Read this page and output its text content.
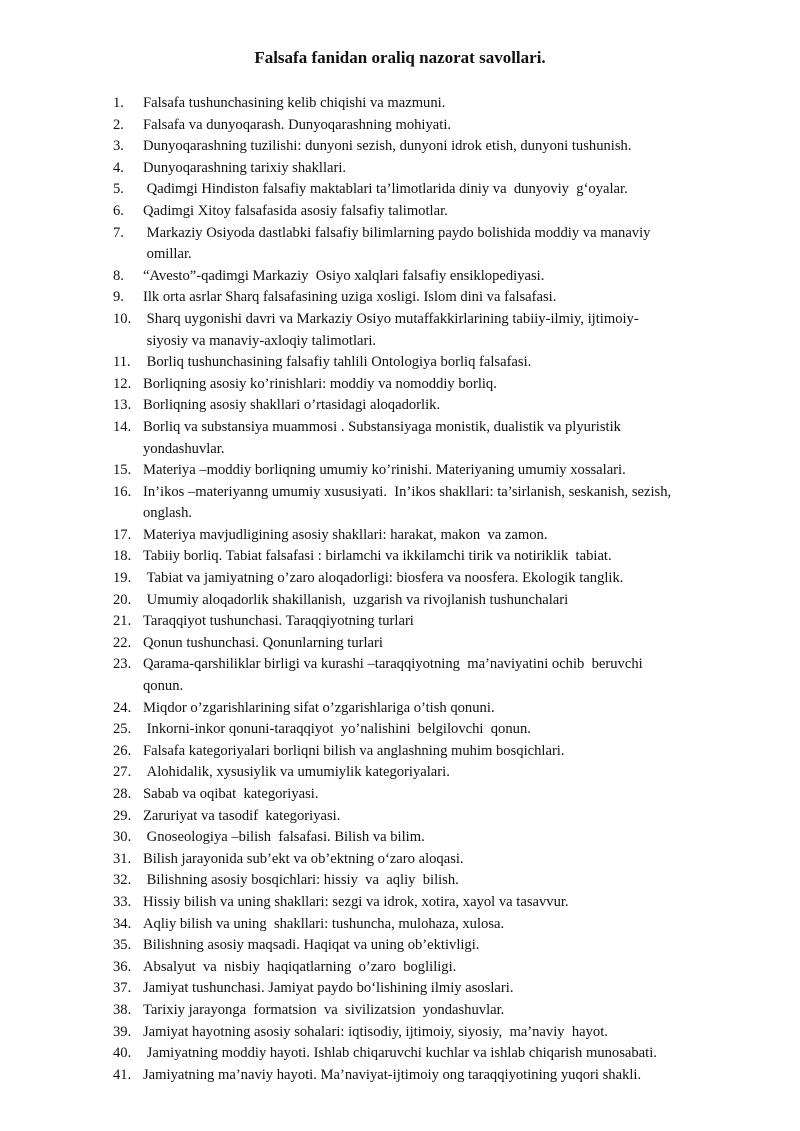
Falsafa fanidan oraliq nazorat savollari.
1.	Falsafa tushunchasining kelib chiqishi va mazmuni.
2.	Falsafa va dunyoqarash. Dunyoqarashning mohiyati.
3.	Dunyoqarashning tuzilishi: dunyoni sezish, dunyoni idrok etish, dunyoni tushunish.
4.	Dunyoqarashning tarixiy shakllari.
5.	Qadimgi Hindiston falsafiy maktablari ta’limotlarida diniy va  dunyoviy  g‘oyalar.
6.	Qadimgi Xitoy falsafasida asosiy falsafiy talimotlar.
7.	Markaziy Osiyoda dastlabki falsafiy bilimlarning paydo bolishida moddiy va manaviy
omillar.
8.	“Avesto”-qadimgi Markaziy  Osiyo xalqlari falsafiy ensiklopediyasi.
9.	Ilk orta asrlar Sharq falsafasining uziga xosligi. Islom dini va falsafasi.
10.	Sharq uygonishi davri va Markaziy Osiyo mutaffakkirlarining tabiiy-ilmiy, ijtimoiy-
siyosiy va manaviy-axloqiy talimotlari.
11. Borliq tushunchasining falsafiy tahlili Ontologiya borliq falsafasi.
12. Borliqning asosiy ko’rinishlari: moddiy va nomoddiy borliq.
13. Borliqning asosiy shakllari o’rtasidagi aloqadorlik.
14. Borliq va substansiya muammosi . Substansiyaga monistik, dualistik va plyuristik
yondashuvlar.
15. Materiya –moddiy borliqning umumiy ko’rinishi. Materiyaning umumiy xossalari.
16. In’ikos –materiyanng umumiy xususiyati.  In’ikos shakllari: ta’sirlanish, seskanish, sezish,
onglash.
17. Materiya mavjudligining asosiy shakllari: harakat, makon  va zamon.
18. Tabiiy borliq. Tabiat falsafasi : birlamchi va ikkilamchi tirik va notiriklik  tabiat.
19. Tabiat va jamiyatning o’zaro aloqadorligi: biosfera va noosfera. Ekologik tanglik.
20. Umumiy aloqadorlik shakillanish,  uzgarish va rivojlanish tushunchalari
21. Taraqqiyot tushunchasi. Taraqqiyotning turlari
22. Qonun tushunchasi. Qonunlarning turlari
23. Qarama-qarshiliklar birligi va kurashi –taraqqiyotning  ma’naviyatini ochib  beruvchi
qonun.
24. Miqdor o’zgarishlarining sifat o’zgarishlariga o’tish qonuni.
25. Inkorni-inkor qonuni-taraqqiyot  yo’nalishini  belgilovchi  qonun.
26. Falsafa kategoriyalari borliqni bilish va anglashning muhim bosqichlari.
27. Alohidalik, xysusiylik va umumiylik kategoriyalari.
28. Sabab va oqibat  kategoriyasi.
29. Zaruriyat va tasodif  kategoriyasi.
30. Gnoseologiya –bilish  falsafasi. Bilish va bilim.
31. Bilish jarayonida sub’ekt va ob’ektning o‘zaro aloqasi.
32. Bilishning asosiy bosqichlari: hissiy  va  aqliy  bilish.
33. Hissiy bilish va uning shakllari: sezgi va idrok, xotira, xayol va tasavvur.
34. Aqliy bilish va uning  shakllari: tushuncha, mulohaza, xulosa.
35. Bilishning asosiy maqsadi. Haqiqat va uning ob’ektivligi.
36. Absalyut  va  nisbiy  haqiqatlarning  o’zaro  bogliligi.
37. Jamiyat tushunchasi. Jamiyat paydo bo‘lishining ilmiy asoslari.
38. Tarixiy jarayonga  formatsion  va  sivilizatsion  yondashuvlar.
39. Jamiyat hayotning asosiy sohalari: iqtisodiy, ijtimoiy, siyosiy,  ma’naviy  hayot.
40. Jamiyatning moddiy hayoti. Ishlab chiqaruvchi kuchlar va ishlab chiqarish munosabati.
41. Jamiyatning ma’naviy hayoti. Ma’naviyat-ijtimoiy ong taraqqiyotining yuqori shakli.
